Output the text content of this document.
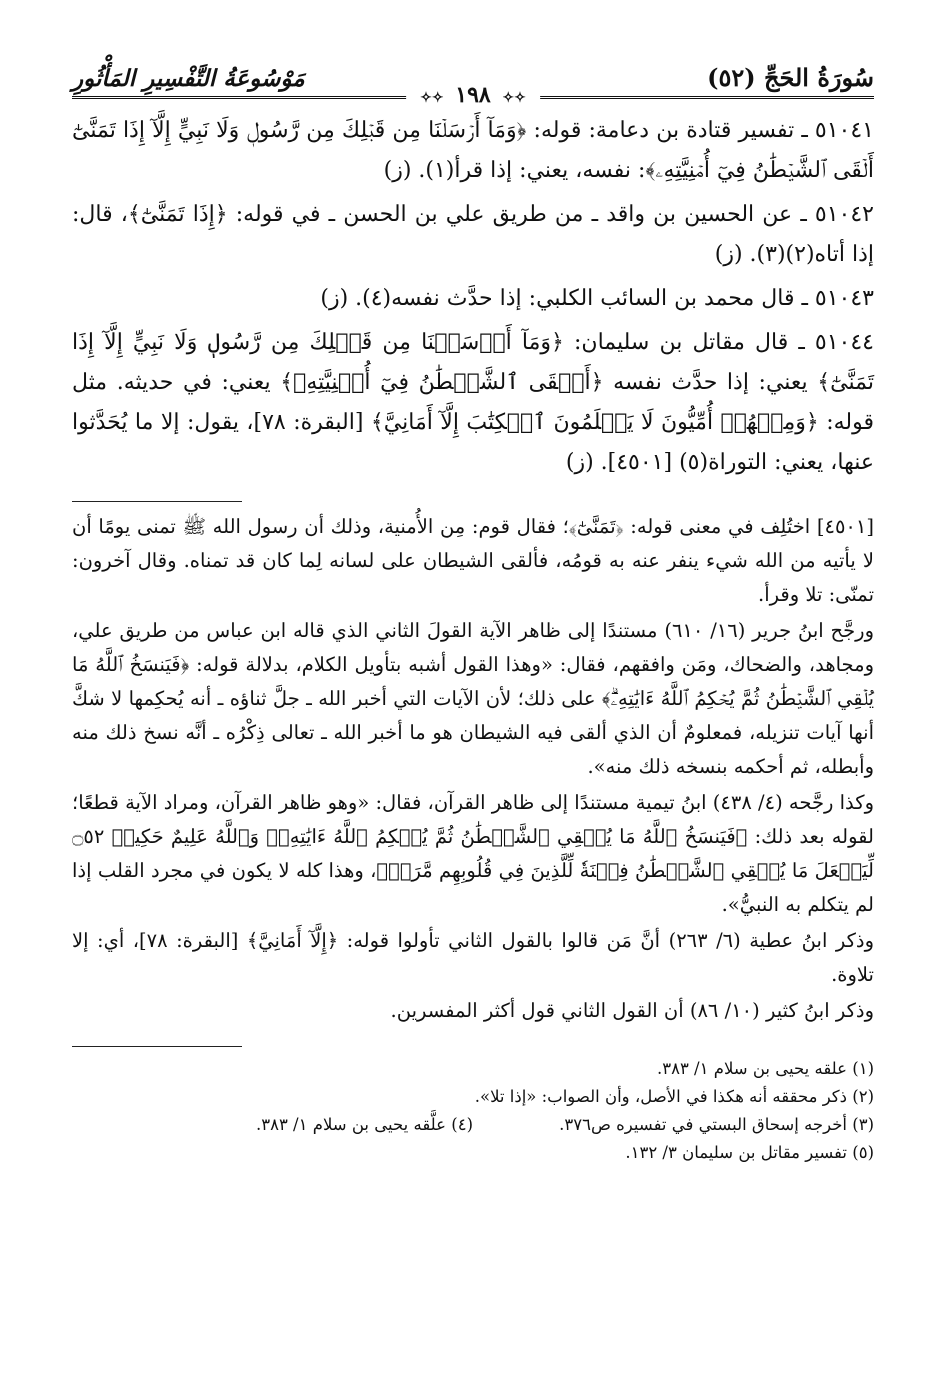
سُورَةُ الحَجِّ (٥٢)
مَوْسُوعَةُ التَّفْسِيرِ المَأْثُورِ
✧✧ ١٩٨ ✧✧

٥١٠٤١ ـ تفسير قتادة بن دعامة: قوله: ﴿وَمَآ أَرۡسَلۡنَا مِن قَبۡلِكَ مِن رَّسُولٖ وَلَا نَبِيٍّ إِلَّآ إِذَا تَمَنَّىٰٓ أَلۡقَى ٱلشَّيۡطَٰنُ فِيٓ أُمۡنِيَّتِهِۦ﴾: نفسه، يعني: إذا قرأ(١). (ز)

٥١٠٤٢ ـ عن الحسين بن واقد ـ من طريق علي بن الحسن ـ في قوله: ﴿إِذَا تَمَنَّىٰٓ﴾، قال: إذا أتاه(٢)(٣). (ز)

٥١٠٤٣ ـ قال محمد بن السائب الكلبي: إذا حدَّث نفسه(٤). (ز)

٥١٠٤٤ ـ قال مقاتل بن سليمان: ﴿وَمَآ أَرۡسَلۡنَا مِن قَبۡلِكَ مِن رَّسُولٖ وَلَا نَبِيٍّ إِلَّآ إِذَا تَمَنَّىٰٓ﴾ يعني: إذا حدَّث نفسه ﴿أَلۡقَى ٱلشَّيۡطَٰنُ فِيٓ أُمۡنِيَّتِهِۦ﴾ يعني: في حديثه. مثل قوله: ﴿وَمِنۡهُمۡ أُمِّيُّونَ لَا يَعۡلَمُونَ ٱلۡكِتَٰبَ إِلَّآ أَمَانِيَّ﴾ [البقرة: ٧٨]، يقول: إلا ما يُحَدَّثوا عنها، يعني: التوراة(٥) [٤٥٠١]. (ز)

[٤٥٠١] اختُلِف في معنى قوله: ﴿تَمَنَّىٰٓ﴾؛ فقال قوم: مِن الأُمنية، وذلك أن رسول الله ﷺ تمنى يومًا أن لا يأتيه من الله شيء ينفر عنه به قومُه، فألقى الشيطان على لسانه لِما كان قد تمناه. وقال آخرون: تمنّى: تلا وقرأ.

ورجَّح ابنُ جرير (١٦/ ٦١٠) مستندًا إلى ظاهر الآية القولَ الثاني الذي قاله ابن عباس من طريق علي، ومجاهد، والضحاك، ومَن وافقهم، فقال: «وهذا القول أشبه بتأويل الكلام، بدلالة قوله: ﴿فَيَنسَخُ ٱللَّهُ مَا يُلۡقِي ٱلشَّيۡطَٰنُ ثُمَّ يُحۡكِمُ ٱللَّهُ ءَايَٰتِهِۦۗ﴾ على ذلك؛ لأن الآيات التي أخبر الله ـ جلَّ ثناؤه ـ أنه يُحكِمها لا شكَّ أنها آيات تنزيله، فمعلومٌ أن الذي ألقى فيه الشيطان هو ما أخبر الله ـ تعالى ذِكْرُه ـ أنَّه نسخ ذلك منه وأبطله، ثم أحكمه بنسخه ذلك منه».

وكذا رجَّحه (٤/ ٤٣٨) ابنُ تيمية مستندًا إلى ظاهر القرآن، فقال: «وهو ظاهر القرآن، ومراد الآية قطعًا؛ لقوله بعد ذلك: ﴿فَيَنسَخُ ٱللَّهُ مَا يُلۡقِي ٱلشَّيۡطَٰنُ ثُمَّ يُحۡكِمُ ٱللَّهُ ءَايَٰتِهِۦۗ وَٱللَّهُ عَلِيمٌ حَكِيمٞ ۝٥٢ لِّيَجۡعَلَ مَا يُلۡقِي ٱلشَّيۡطَٰنُ فِتۡنَةٗ لِّلَّذِينَ فِي قُلُوبِهِم مَّرَضٞ﴾، وهذا كله لا يكون في مجرد القلب إذا لم يتكلم به النبيُّ».

وذكر ابنُ عطية (٦/ ٢٦٣) أنَّ مَن قالوا بالقول الثاني تأولوا قوله: ﴿إِلَّآ أَمَانِيَّ﴾ [البقرة: ٧٨]، أي: إلا تلاوة.

وذكر ابنُ كثير (١٠/ ٨٦) أن القول الثاني قول أكثر المفسرين.

(١) علقه يحيى بن سلام ١/ ٣٨٣.

(٢) ذكر محققه أنه هكذا في الأصل، وأن الصواب: «إذا تلا».

(٣) أخرجه إسحاق البستي في تفسيره ص٣٧٦.
(٤) علَّقه يحيى بن سلام ١/ ٣٨٣.

(٥) تفسير مقاتل بن سليمان ٣/ ١٣٢.
